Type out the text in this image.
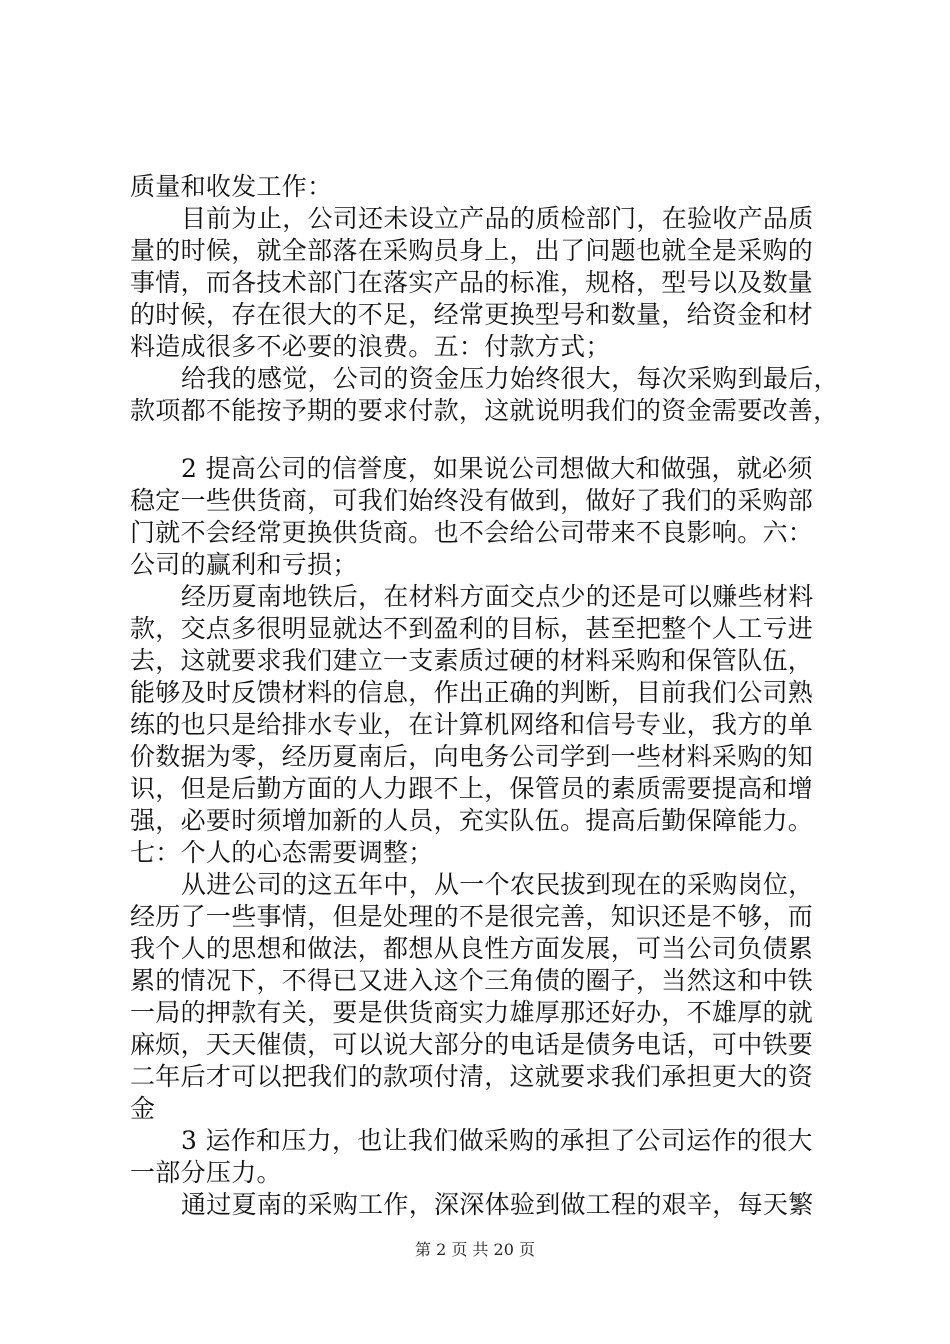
质量和收发工作：
目前为止，公司还未设立产品的质检部门，在验收产品质
量的时候，就全部落在采购员身上，出了问题也就全是采购的
事情，而各技术部门在落实产品的标准，规格，型号以及数量
的时候，存在很大的不足，经常更换型号和数量，给资金和材
料造成很多不必要的浪费。五：付款方式；
给我的感觉，公司的资金压力始终很大，每次采购到最后，
款项都不能按予期的要求付款，这就说明我们的资金需要改善，
2 提高公司的信誉度，如果说公司想做大和做强，就必须
稳定一些供货商，可我们始终没有做到，做好了我们的采购部
门就不会经常更换供货商。也不会给公司带来不良影响。六：
公司的赢利和亏损；
经历夏南地铁后，在材料方面交点少的还是可以赚些材料
款，交点多很明显就达不到盈利的目标，甚至把整个人工亏进
去，这就要求我们建立一支素质过硬的材料采购和保管队伍，
能够及时反馈材料的信息，作出正确的判断，目前我们公司熟
练的也只是给排水专业，在计算机网络和信号专业，我方的单
价数据为零，经历夏南后，向电务公司学到一些材料采购的知
识，但是后勤方面的人力跟不上，保管员的素质需要提高和增
强，必要时须增加新的人员，充实队伍。提高后勤保障能力。
七：个人的心态需要调整；
从进公司的这五年中，从一个农民拔到现在的采购岗位，
经历了一些事情，但是处理的不是很完善，知识还是不够，而
我个人的思想和做法，都想从良性方面发展，可当公司负债累
累的情况下，不得已又进入这个三角债的圈子，当然这和中铁
一局的押款有关，要是供货商实力雄厚那还好办，不雄厚的就
麻烦，天天催债，可以说大部分的电话是债务电话，可中铁要
二年后才可以把我们的款项付清，这就要求我们承担更大的资
金
3 运作和压力，也让我们做采购的承担了公司运作的很大
一部分压力。
通过夏南的采购工作，深深体验到做工程的艰辛，每天繁
第 2 页 共 20 页
